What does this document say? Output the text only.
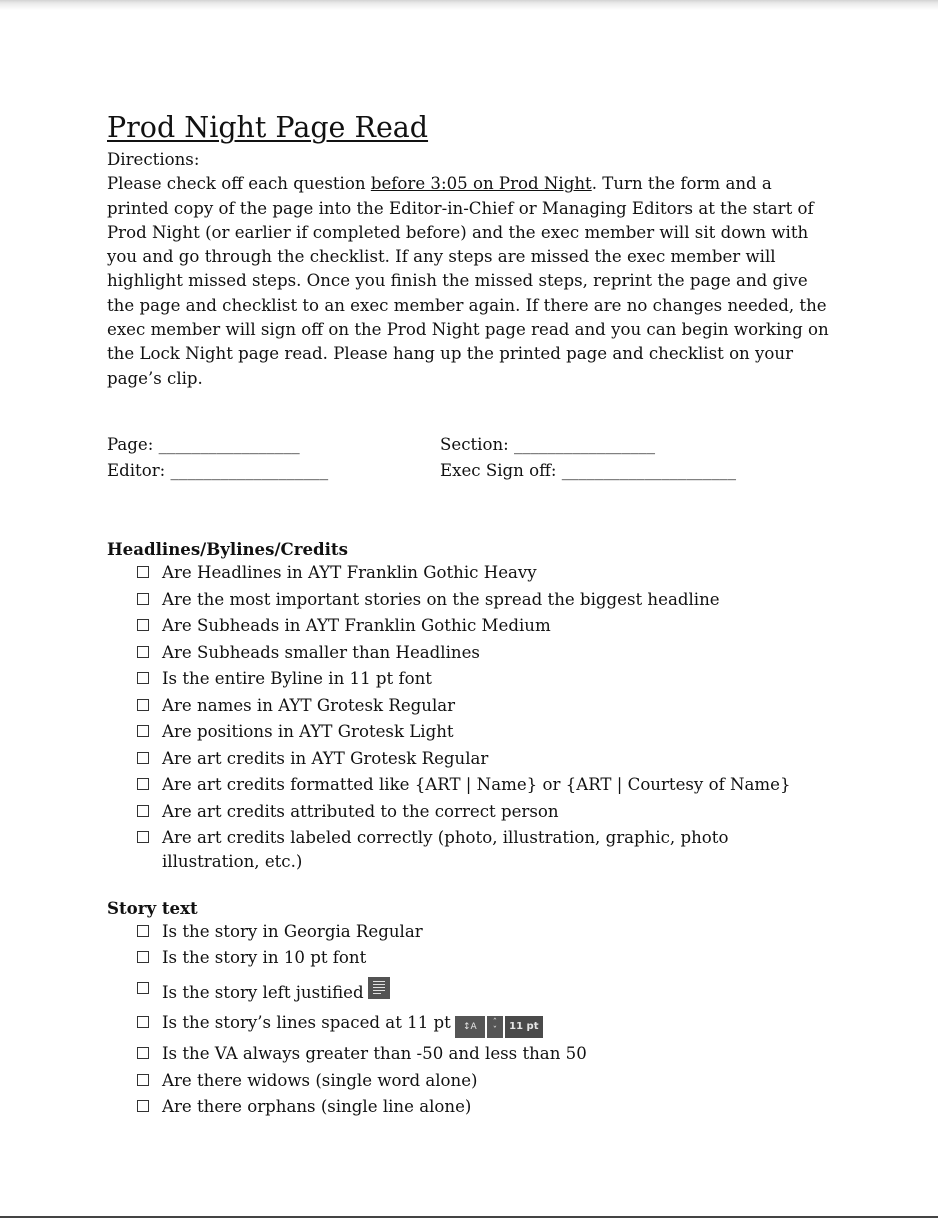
Prod Night Page Read

Directions:

Please check off each question before 3:05 on Prod Night. Turn the form and a printed copy of the page into the Editor-in-Chief or Managing Editors at the start of Prod Night (or earlier if completed before) and the exec member will sit down with you and go through the checklist. If any steps are missed the exec member will highlight missed steps. Once you finish the missed steps, reprint the page and give the page and checklist to an exec member again. If there are no changes needed, the exec member will sign off on the Prod Night page read and you can begin working on the Lock Night page read. Please hang up the printed page and checklist on your page’s clip.

Page: _________________	Section: _________________
Editor: ___________________	Exec Sign off: _____________________

Headlines/Bylines/Credits

Are Headlines in AYT Franklin Gothic Heavy
Are the most important stories on the spread the biggest headline
Are Subheads in AYT Franklin Gothic Medium
Are Subheads smaller than Headlines
Is the entire Byline in 11 pt font
Are names in AYT Grotesk Regular
Are positions in AYT Grotesk Light
Are art credits in AYT Grotesk Regular
Are art credits formatted like {ART | Name} or {ART | Courtesy of Name}
Are art credits attributed to the correct person
Are art credits labeled correctly (photo, illustration, graphic, photo illustration, etc.)

Story text

Is the story in Georgia Regular
Is the story in 10 pt font
Is the story left justified
Is the story’s lines spaced at 11 pt	↕A	ˆ
ˇ	11 pt
Is the VA always greater than -50 and less than 50
Are there widows (single word alone)
Are there orphans (single line alone)
